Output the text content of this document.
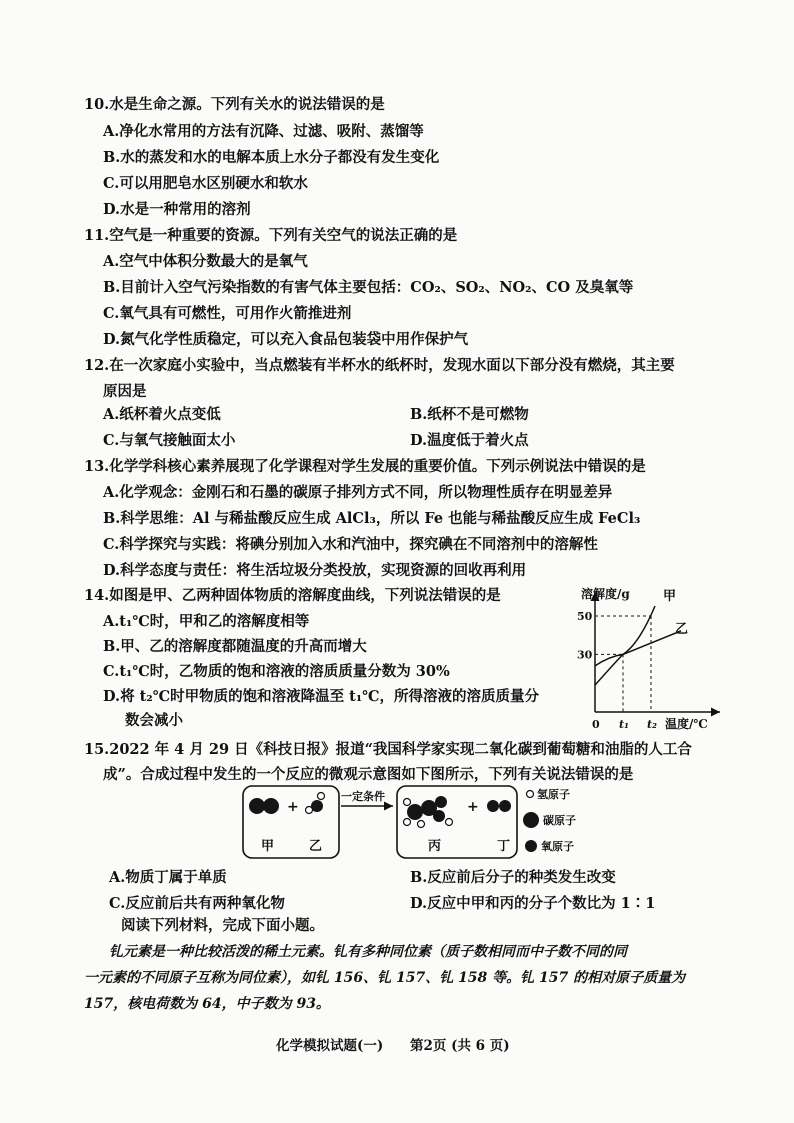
10.水是生命之源。下列有关水的说法错误的是
A.净化水常用的方法有沉降、过滤、吸附、蒸馏等
B.水的蒸发和水的电解本质上水分子都没有发生变化
C.可以用肥皂水区别硬水和软水
D.水是一种常用的溶剂
11.空气是一种重要的资源。下列有关空气的说法正确的是
A.空气中体积分数最大的是氧气
B.目前计入空气污染指数的有害气体主要包括：CO₂、SO₂、NO₂、CO 及臭氧等
C.氧气具有可燃性，可用作火箭推进剂
D.氮气化学性质稳定，可以充入食品包装袋中用作保护气
12.在一次家庭小实验中，当点燃装有半杯水的纸杯时，发现水面以下部分没有燃烧，其主要
原因是
A.纸杯着火点变低	B.纸杯不是可燃物
C.与氧气接触面太小	D.温度低于着火点
13.化学学科核心素养展现了化学课程对学生发展的重要价值。下列示例说法中错误的是
A.化学观念：金刚石和石墨的碳原子排列方式不同，所以物理性质存在明显差异
B.科学思维：Al 与稀盐酸反应生成 AlCl₃，所以 Fe 也能与稀盐酸反应生成 FeCl₃
C.科学探究与实践：将碘分别加入水和汽油中，探究碘在不同溶剂中的溶解性
D.科学态度与责任：将生活垃圾分类投放，实现资源的回收再利用
14.如图是甲、乙两种固体物质的溶解度曲线，下列说法错误的是
A.t₁℃时，甲和乙的溶解度相等
B.甲、乙的溶解度都随温度的升高而增大
C.t₁℃时，乙物质的饱和溶液的溶质质量分数为 30%
D.将 t₂℃时甲物质的饱和溶液降温至 t₁℃，所得溶液的溶质质量分
数会减小
30
50
t₁ t₂
甲
乙
溶解度/g
温度/℃
0
15.2022 年 4 月 29 日《科技日报》报道“我国科学家实现二氧化碳到葡萄糖和油脂的人工合
成”。合成过程中发生的一个反应的微观示意图如下图所示，下列有关说法错误的是
+
甲	乙
一定条件
+
丙	丁
氢原子
碳原子
氧原子
A.物质丁属于单质	B.反应前后分子的种类发生改变
C.反应前后共有两种氧化物	D.反应中甲和丙的分子个数比为 1∶1
阅读下列材料，完成下面小题。
钆元素是一种比较活泼的稀土元素。钆有多种同位素（质子数相同而中子数不同的同
一元素的不同原子互称为同位素），如钆 156、钆 157、钆 158 等。钆 157 的相对原子质量为
157，核电荷数为 64，中子数为 93。
化学模拟试题(一) 第2页 (共 6 页)
